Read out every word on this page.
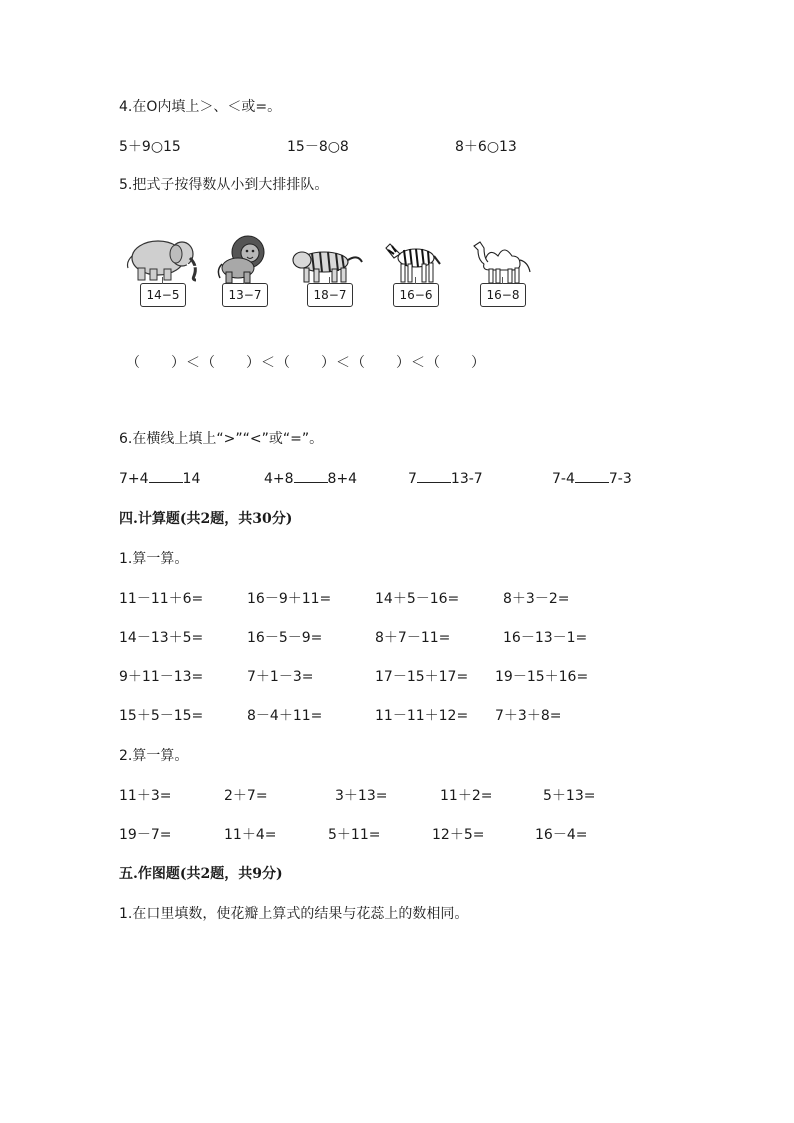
4.在O内填上＞、＜或=。
5＋9○15	15－8○8	8＋6○13
5.把式子按得数从小到大排排队。
14−5	13−7	18−7	16−6	16−8
（　　）＜（　　）＜（　　）＜（　　）＜（　　）
6.在横线上填上“>”“<”或“=”。
7+4 14	4+8 8+4	7 13-7	7-4 7-3
四.计算题(共2题，共30分)
1.算一算。
11－11＋6=	16－9＋11=	14＋5－16=	8＋3－2=
14－13＋5=	16－5－9=	8＋7－11=	16－13－1=
9＋11－13=	7＋1－3=	17－15＋17= 19－15＋16=
15＋5－15=	8－4＋11=	11－11＋12= 7＋3＋8=
2.算一算。
11＋3=	2＋7=	3＋13=	11＋2=	5＋13=
19－7=	11＋4=	5＋11=	12＋5=	16－4=
五.作图题(共2题，共9分)
1.在口里填数，使花瓣上算式的结果与花蕊上的数相同。
